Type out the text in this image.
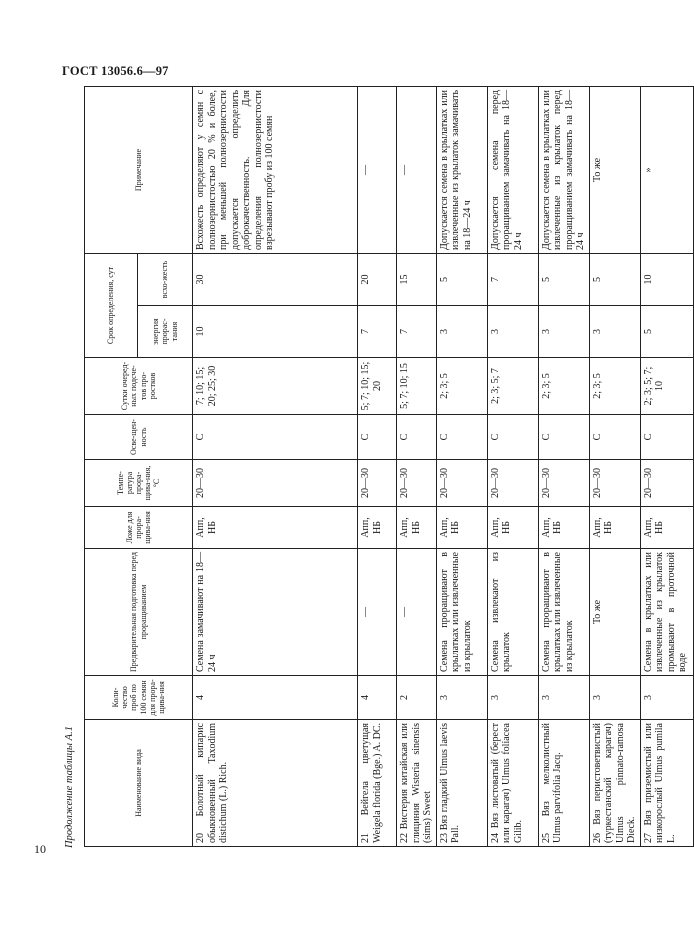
ГОСТ 13056.6—97
10
Продолжение таблицы А.1	Наименование вида	Коли-чество проб по 100 семян для прора-щива-ния	Предварительная подготовка перед проращиванием	Ложе для прора-щива-ния	Темпе-ратура прора-щива-ния, °С	Осве-щен-ность	Сутки очеред-ных подсче-тов про-ростков	Срок определения, сут		Примечание
							энергия прорас-тания	всхо-жесть	
20 Болотный кипарис обыкновенный Taxodium distichum (L.) Rich.	4	Семена замачивают на 18—24 ч	Апп, НБ	20—30	С	7; 10; 15; 20; 25; 30	10	30	Всхожесть определяют у семян с полнозернистостью 20 % и более, при меньшей полнозернистости допускается определить доброкачественность. Для определения полнозернистости взрезывают пробу из 100 семян
21 Вейгела цветущая Weigela florida (Bge.) A. DC.	4	—	Апп, НБ	20—30	С	5; 7; 10; 15; 20	7	20	—
22 Вистерия китайская или глициния Wisteria sinensis (sims) Sweet	2	—	Апп, НБ	20—30	С	5; 7; 10; 15	7	15	—
23 Вяз гладкий Ulmus laevis Pall.	3	Семена проращивают в крылатках или извлеченные из крылаток	Апп, НБ	20—30	С	2; 3; 5	3	5	Допускается семена в крылатках или извлеченные из крылаток замачивать на 18—24 ч
24 Вяз листоватый (берест или карагач) Ulmus foliacea Gilib.	3	Семена извлекают из крылаток	Апп, НБ	20—30	С	2; 3; 5; 7	3	7	Допускается семена перед проращиванием замачивать на 18—24 ч
25 Вяз мелколистный Ulmus parvifolia Jacq.	3	Семена проращивают в крылатках или извлеченные из крылаток	Апп, НБ	20—30	С	2; 3; 5	3	5	Допускается семена в крылатках или извлеченные из крылаток перед проращиванием замачивать на 18—24 ч
26 Вяз перистоветвистый (туркестанский карагач) Ulmus pinnato-ramosa Dieck.	3	То же	Апп, НБ	20—30	С	2; 3; 5	3	5	То же
27 Вяз приземистый или низкорослый Ulmus pumila L.	3	Семена в крылатках или извлеченные из крылаток промывают в проточной воде	Апп, НБ	20—30	С	2; 3; 5; 7; 10	5	10	»
